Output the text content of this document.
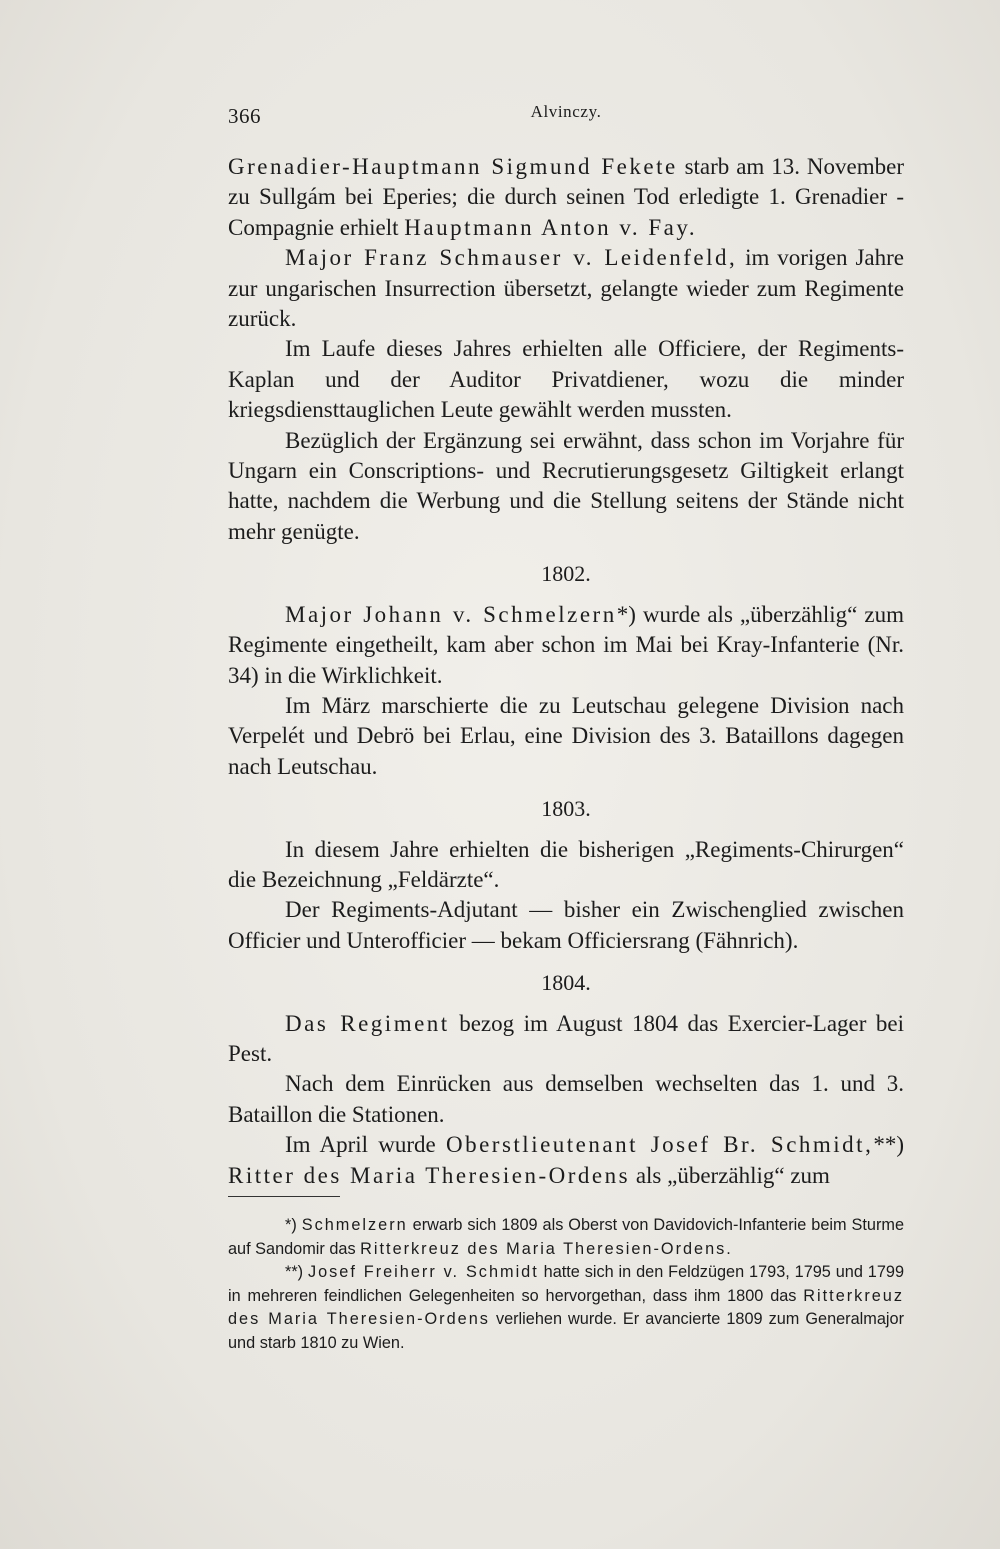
366	Alvinczy.

Grenadier-Hauptmann Sigmund Fekete starb am 13. November zu Sullgám bei Eperies; die durch seinen Tod erledigte 1. Grenadier - Compagnie erhielt Hauptmann Anton v. Fay.

Major Franz Schmauser v. Leidenfeld, im vorigen Jahre zur ungarischen Insurrection übersetzt, gelangte wieder zum Regimente zurück.

Im Laufe dieses Jahres erhielten alle Officiere, der Regiments-Kaplan und der Auditor Privatdiener, wozu die minder kriegsdiensttauglichen Leute gewählt werden mussten.

Bezüglich der Ergänzung sei erwähnt, dass schon im Vorjahre für Ungarn ein Conscriptions- und Recrutierungsgesetz Giltigkeit erlangt hatte, nachdem die Werbung und die Stellung seitens der Stände nicht mehr genügte.

1802.

Major Johann v. Schmelzern*) wurde als „überzählig“ zum Regimente eingetheilt, kam aber schon im Mai bei Kray-Infanterie (Nr. 34) in die Wirklichkeit.

Im März marschierte die zu Leutschau gelegene Division nach Verpelét und Debrö bei Erlau, eine Division des 3. Bataillons dagegen nach Leutschau.

1803.

In diesem Jahre erhielten die bisherigen „Regiments-Chirurgen“ die Bezeichnung „Feldärzte“.

Der Regiments-Adjutant — bisher ein Zwischenglied zwischen Officier und Unterofficier — bekam Officiersrang (Fähnrich).

1804.

Das Regiment bezog im August 1804 das Exercier-Lager bei Pest.

Nach dem Einrücken aus demselben wechselten das 1. und 3. Bataillon die Stationen.

Im April wurde Oberstlieutenant Josef Br. Schmidt,**) Ritter des Maria Theresien-Ordens als „überzählig“ zum

*) Schmelzern erwarb sich 1809 als Oberst von Davidovich-Infanterie beim Sturme auf Sandomir das Ritterkreuz des Maria Theresien-Ordens.

**) Josef Freiherr v. Schmidt hatte sich in den Feldzügen 1793, 1795 und 1799 in mehreren feindlichen Gelegenheiten so hervorgethan, dass ihm 1800 das Ritterkreuz des Maria Theresien-Ordens verliehen wurde. Er avancierte 1809 zum Generalmajor und starb 1810 zu Wien.
